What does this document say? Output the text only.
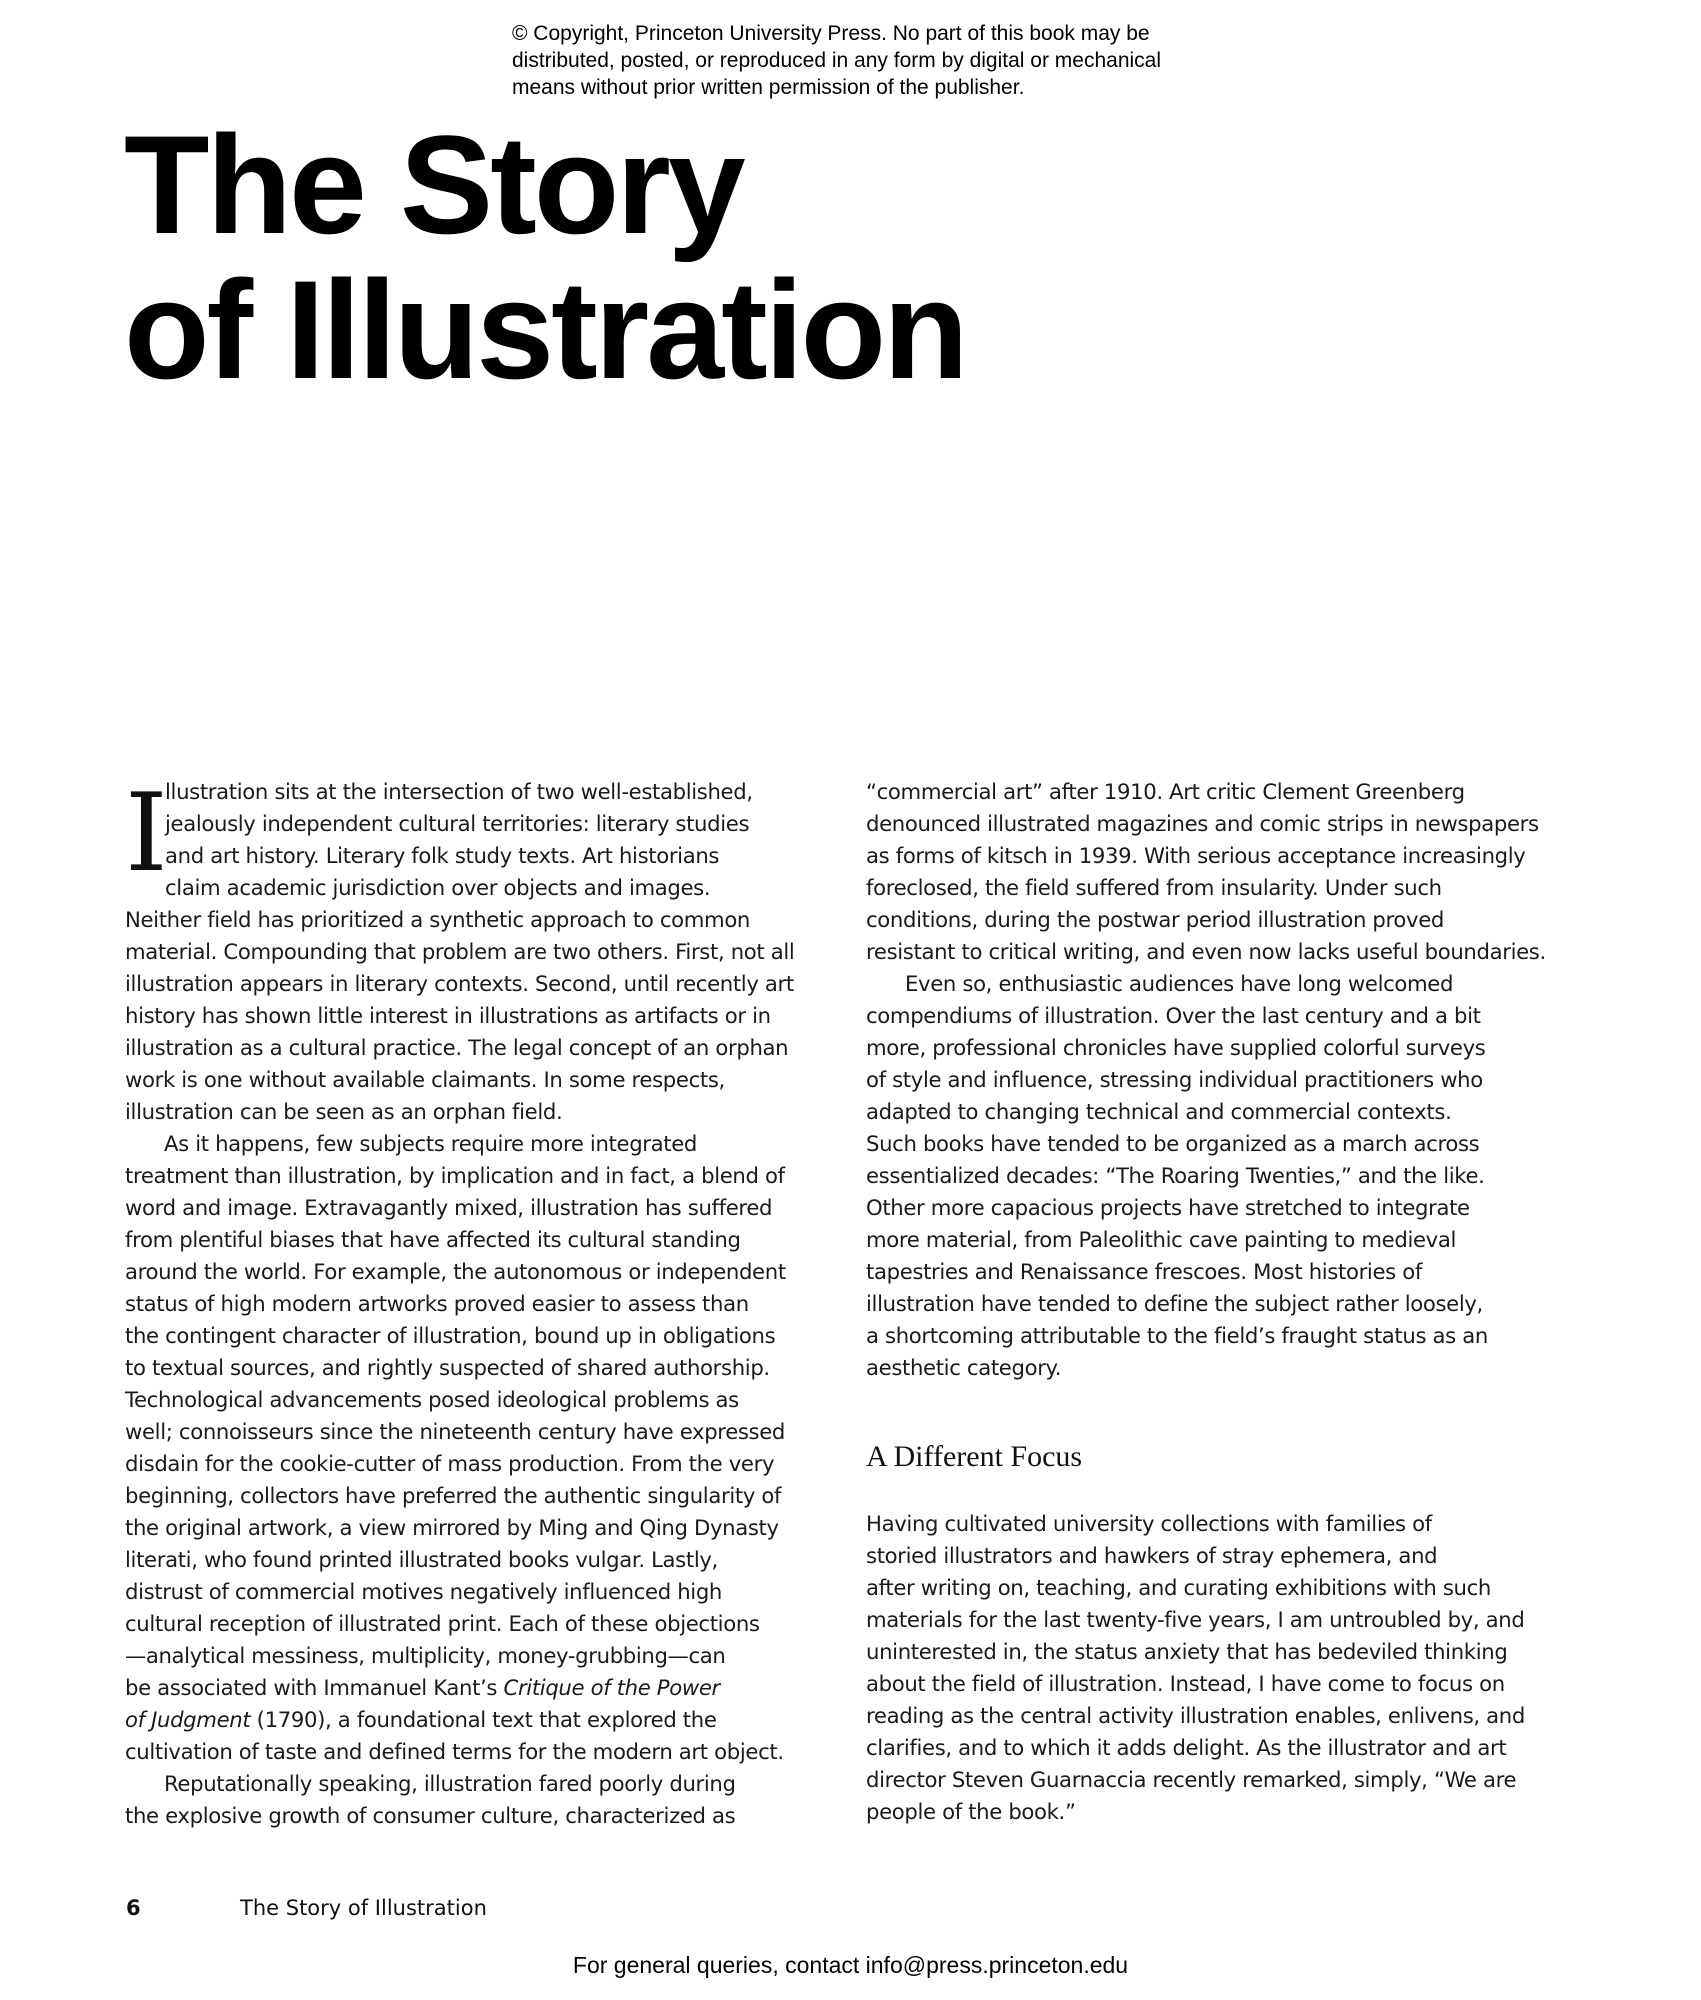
© Copyright, Princeton University Press. No part of this book may be
distributed, posted, or reproduced in any form by digital or mechanical
means without prior written permission of the publisher.
The Story
of Illustration
I
llustration sits at the intersection of two well-established,
jealously independent cultural territories: literary studies
and art history. Literary folk study texts. Art historians
claim academic jurisdiction over objects and images.
Neither field has prioritized a synthetic approach to common
material. Compounding that problem are two others. First, not all
illustration appears in literary contexts. Second, until recently art
history has shown little interest in illustrations as artifacts or in
illustration as a cultural practice. The legal concept of an orphan
work is one without available claimants. In some respects,
illustration can be seen as an orphan field.
As it happens, few subjects require more integrated
treatment than illustration, by implication and in fact, a blend of
word and image. Extravagantly mixed, illustration has suffered
from plentiful biases that have affected its cultural standing
around the world. For example, the autonomous or independent
status of high modern artworks proved easier to assess than
the contingent character of illustration, bound up in obligations
to textual sources, and rightly suspected of shared authorship.
Technological advancements posed ideological problems as
well; connoisseurs since the nineteenth century have expressed
disdain for the cookie-cutter of mass production. From the very
beginning, collectors have preferred the authentic singularity of
the original artwork, a view mirrored by Ming and Qing Dynasty
literati, who found printed illustrated books vulgar. Lastly,
distrust of commercial motives negatively influenced high
cultural reception of illustrated print. Each of these objections
—analytical messiness, multiplicity, money-grubbing—can
be associated with Immanuel Kant’s Critique of the Power
of Judgment (1790), a foundational text that explored the
cultivation of taste and defined terms for the modern art object.
Reputationally speaking, illustration fared poorly during
the explosive growth of consumer culture, characterized as
“commercial art” after 1910. Art critic Clement Greenberg
denounced illustrated magazines and comic strips in newspapers
as forms of kitsch in 1939. With serious acceptance increasingly
foreclosed, the field suffered from insularity. Under such
conditions, during the postwar period illustration proved
resistant to critical writing, and even now lacks useful boundaries.
Even so, enthusiastic audiences have long welcomed
compendiums of illustration. Over the last century and a bit
more, professional chronicles have supplied colorful surveys
of style and influence, stressing individual practitioners who
adapted to changing technical and commercial contexts.
Such books have tended to be organized as a march across
essentialized decades: “The Roaring Twenties,” and the like.
Other more capacious projects have stretched to integrate
more material, from Paleolithic cave painting to medieval
tapestries and Renaissance frescoes. Most histories of
illustration have tended to define the subject rather loosely,
a shortcoming attributable to the field’s fraught status as an
aesthetic category.
A Different Focus
Having cultivated university collections with families of
storied illustrators and hawkers of stray ephemera, and
after writing on, teaching, and curating exhibitions with such
materials for the last twenty-five years, I am untroubled by, and
uninterested in, the status anxiety that has bedeviled thinking
about the field of illustration. Instead, I have come to focus on
reading as the central activity illustration enables, enlivens, and
clarifies, and to which it adds delight. As the illustrator and art
director Steven Guarnaccia recently remarked, simply, “We are
people of the book.”
6	The Story of Illustration
For general queries, contact info@press.princeton.edu
